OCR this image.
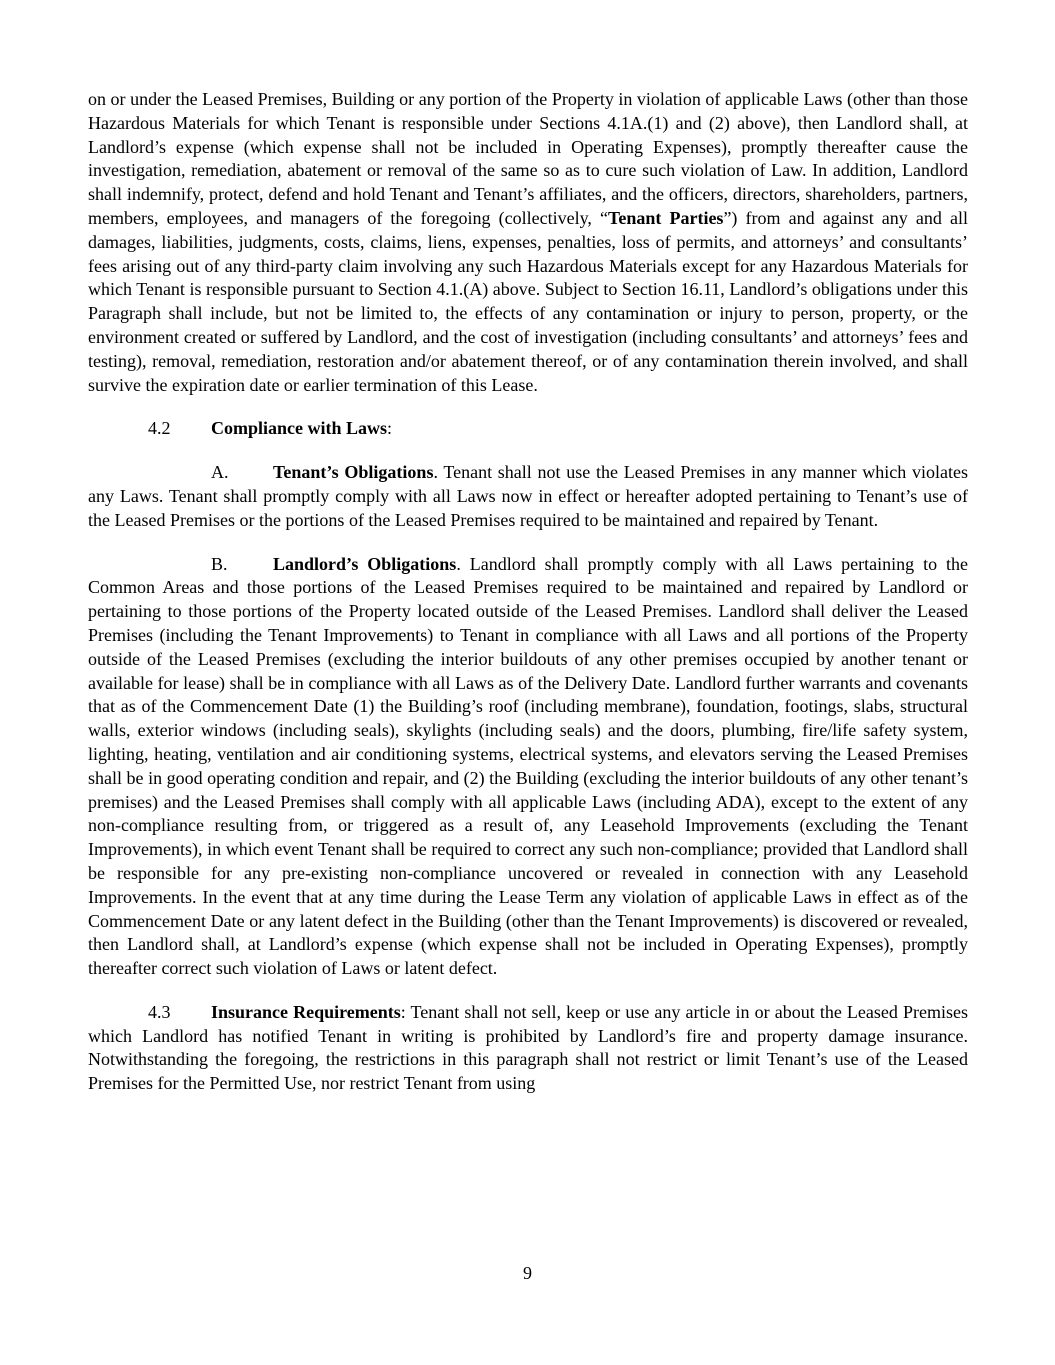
on or under the Leased Premises, Building or any portion of the Property in violation of applicable Laws (other than those Hazardous Materials for which Tenant is responsible under Sections 4.1A.(1) and (2) above), then Landlord shall, at Landlord’s expense (which expense shall not be included in Operating Expenses), promptly thereafter cause the investigation, remediation, abatement or removal of the same so as to cure such violation of Law. In addition, Landlord shall indemnify, protect, defend and hold Tenant and Tenant’s affiliates, and the officers, directors, shareholders, partners, members, employees, and managers of the foregoing (collectively, “Tenant Parties”) from and against any and all damages, liabilities, judgments, costs, claims, liens, expenses, penalties, loss of permits, and attorneys’ and consultants’ fees arising out of any third-party claim involving any such Hazardous Materials except for any Hazardous Materials for which Tenant is responsible pursuant to Section 4.1.(A) above. Subject to Section 16.11, Landlord’s obligations under this Paragraph shall include, but not be limited to, the effects of any contamination or injury to person, property, or the environment created or suffered by Landlord, and the cost of investigation (including consultants’ and attorneys’ fees and testing), removal, remediation, restoration and/or abatement thereof, or of any contamination therein involved, and shall survive the expiration date or earlier termination of this Lease.

4.2 Compliance with Laws:

A. Tenant’s Obligations. Tenant shall not use the Leased Premises in any manner which violates any Laws. Tenant shall promptly comply with all Laws now in effect or hereafter adopted pertaining to Tenant’s use of the Leased Premises or the portions of the Leased Premises required to be maintained and repaired by Tenant.

B.	Landlord’s Obligations. Landlord shall promptly comply with all Laws pertaining to the Common Areas and those portions of the Leased Premises required to be maintained and repaired by Landlord or pertaining to those portions of the Property located outside of the Leased Premises. Landlord shall deliver the Leased Premises (including the Tenant Improvements) to Tenant in compliance with all Laws and all portions of the Property outside of the Leased Premises (excluding the interior buildouts of any other premises occupied by another tenant or available for lease) shall be in compliance with all Laws as of the Delivery Date. Landlord further warrants and covenants that as of the Commencement Date (1) the Building’s roof (including membrane), foundation, footings, slabs, structural walls, exterior windows (including seals), skylights (including seals) and the doors, plumbing, fire/life safety system, lighting, heating, ventilation and air conditioning systems, electrical systems, and elevators serving the Leased Premises shall be in good operating condition and repair, and (2) the Building (excluding the interior buildouts of any other tenant’s premises) and the Leased Premises shall comply with all applicable Laws (including ADA), except to the extent of any non-compliance resulting from, or triggered as a result of, any Leasehold Improvements (excluding the Tenant Improvements), in which event Tenant shall be required to correct any such non-compliance; provided that Landlord shall be responsible for any pre-existing non-compliance uncovered or revealed in connection with any Leasehold Improvements. In the event that at any time during the Lease Term any violation of applicable Laws in effect as of the Commencement Date or any latent defect in the Building (other than the Tenant Improvements) is discovered or revealed, then Landlord shall, at Landlord’s expense (which expense shall not be included in Operating Expenses), promptly thereafter correct such violation of Laws or latent defect.

4.3 Insurance Requirements: Tenant shall not sell, keep or use any article in or about the Leased Premises which Landlord has notified Tenant in writing is prohibited by Landlord’s fire and property damage insurance. Notwithstanding the foregoing, the restrictions in this paragraph shall not restrict or limit Tenant’s use of the Leased Premises for the Permitted Use, nor restrict Tenant from using

9
